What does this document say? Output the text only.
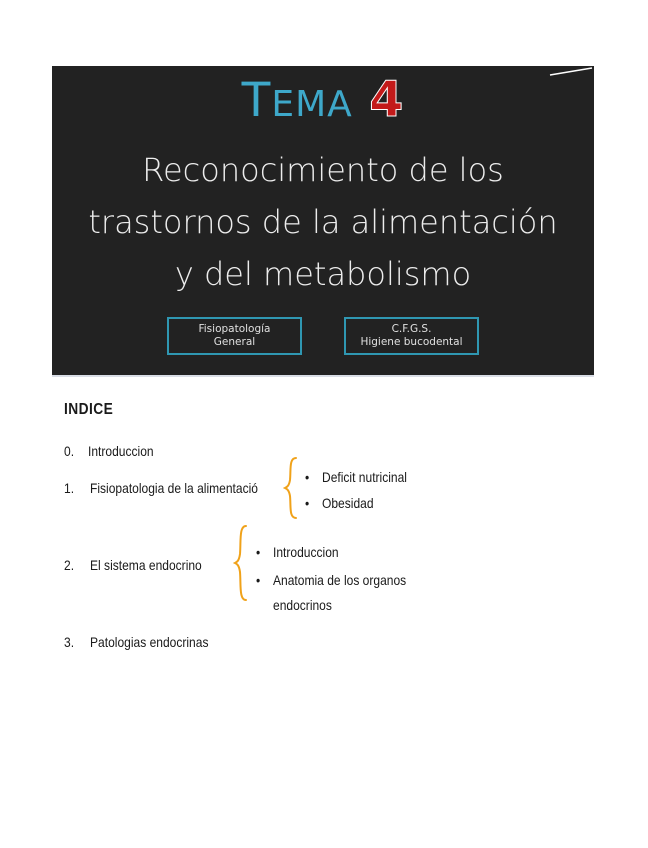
TEMA 4
Reconocimiento de los
trastornos de la alimentación
y del metabolismo
Fisiopatología
General
C.F.G.S.
Higiene bucodental
INDICE
0. Introduccion
1. Fisiopatologia de la alimentació
• Deficit nutricinal
• Obesidad
2. El sistema endocrino
• Introduccion
• Anatomia de los organos
endocrinos
3. Patologias endocrinas
